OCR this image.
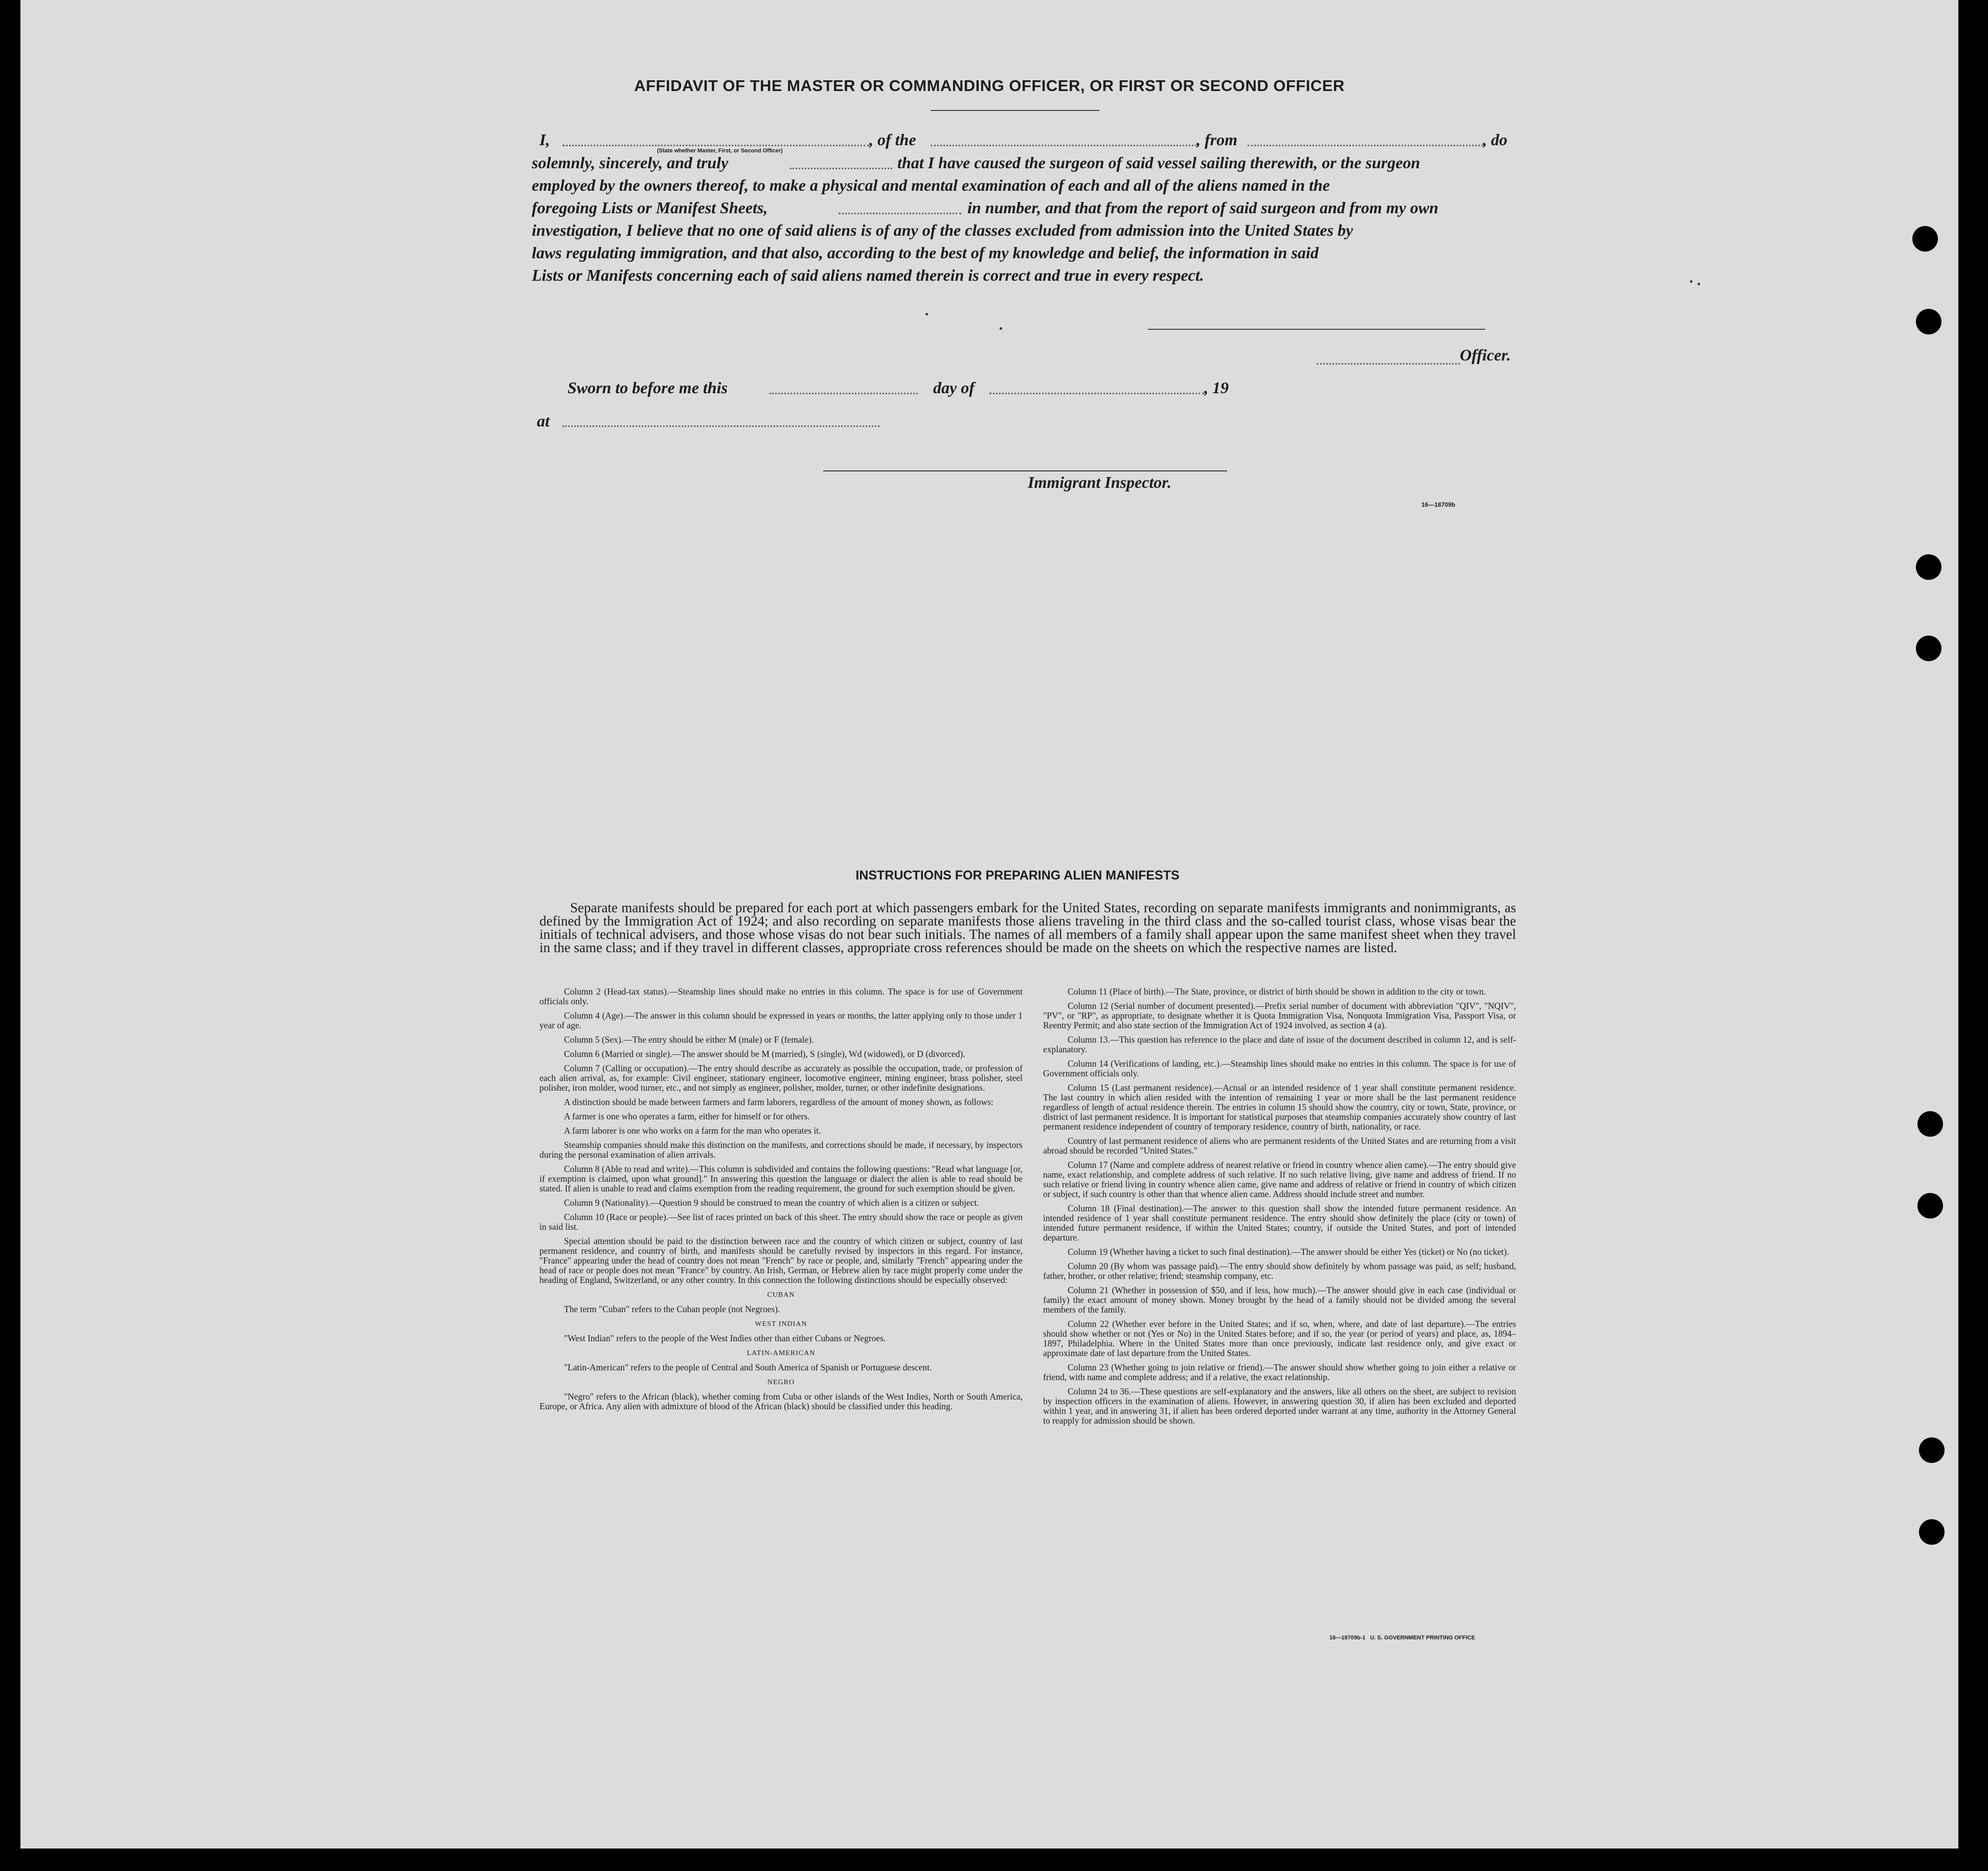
AFFIDAVIT OF THE MASTER OR COMMANDING OFFICER, OR FIRST OR SECOND OFFICER
I,
(State whether Master, First, or Second Officer)
, of the	, from	, do
solemnly, sincerely, and truly	that I have caused the surgeon of said vessel sailing therewith, or the surgeon
employed by the owners thereof, to make a physical and mental examination of each and all of the aliens named in the
foregoing Lists or Manifest Sheets,	in number, and that from the report of said surgeon and from my own
investigation, I believe that no one of said aliens is of any of the classes excluded from admission into the United States by
laws regulating immigration, and that also, according to the best of my knowledge and belief, the information in said
Lists or Manifests concerning each of said aliens named therein is correct and true in every respect.
Officer.
Sworn to before me this	day of	, 19
at
Immigrant Inspector.
16—18709b
INSTRUCTIONS FOR PREPARING ALIEN MANIFESTS
Separate manifests should be prepared for each port at which passengers embark for the United States, recording on separate manifests immigrants and nonimmigrants, as defined by the Immigration Act of 1924; and also recording on separate manifests those aliens traveling in the third class and the so-called tourist class, whose visas bear the initials of technical advisers, and those whose visas do not bear such initials. The names of all members of a family shall appear upon the same manifest sheet when they travel in the same class; and if they travel in different classes, appropriate cross references should be made on the sheets on which the respective names are listed.

Column 2 (Head-tax status).—Steamship lines should make no entries in this column. The space is for use of Government officials only.

Column 4 (Age).—The answer in this column should be expressed in years or months, the latter applying only to those under 1 year of age.

Column 5 (Sex).—The entry should be either M (male) or F (female).

Column 6 (Married or single).—The answer should be M (married), S (single), Wd (widowed), or D (divorced).

Column 7 (Calling or occupation).—The entry should describe as accurately as possible the occupation, trade, or profession of each alien arrival, as, for example: Civil engineer, stationary engineer, locomotive engineer, mining engineer, brass polisher, steel polisher, iron molder, wood turner, etc., and not simply as engineer, polisher, molder, turner, or other indefinite designations.

A distinction should be made between farmers and farm laborers, regardless of the amount of money shown, as follows:

A farmer is one who operates a farm, either for himself or for others.

A farm laborer is one who works on a farm for the man who operates it.

Steamship companies should make this distinction on the manifests, and corrections should be made, if necessary, by inspectors during the personal examination of alien arrivals.

Column 8 (Able to read and write).—This column is subdivided and contains the following questions: "Read what language [or, if exemption is claimed, upon what ground]." In answering this question the language or dialect the alien is able to read should be stated. If alien is unable to read and claims exemption from the reading requirement, the ground for such exemption should be given.

Column 9 (Nationality).—Question 9 should be construed to mean the country of which alien is a citizen or subject.

Column 10 (Race or people).—See list of races printed on back of this sheet. The entry should show the race or people as given in said list.

Special attention should be paid to the distinction between race and the country of which citizen or subject, country of last permanent residence, and country of birth, and manifests should be carefully revised by inspectors in this regard. For instance, "France" appearing under the head of country does not mean "French" by race or people, and, similarly "French" appearing under the head of race or people does not mean "France" by country. An Irish, German, or Hebrew alien by race might properly come under the heading of England, Switzerland, or any other country. In this connection the following distinctions should be especially observed:

CUBAN

The term "Cuban" refers to the Cuban people (not Negroes).

WEST INDIAN

"West Indian" refers to the people of the West Indies other than either Cubans or Negroes.

LATIN-AMERICAN

"Latin-American" refers to the people of Central and South America of Spanish or Portuguese descent.

NEGRO

"Negro" refers to the African (black), whether coming from Cuba or other islands of the West Indies, North or South America, Europe, or Africa. Any alien with admixture of blood of the African (black) should be classified under this heading.

Column 11 (Place of birth).—The State, province, or district of birth should be shown in addition to the city or town.

Column 12 (Serial number of document presented).—Prefix serial number of document with abbreviation "QIV", "NQIV", "PV", or "RP", as appropriate, to designate whether it is Quota Immigration Visa, Nonquota Immigration Visa, Passport Visa, or Reentry Permit; and also state section of the Immigration Act of 1924 involved, as section 4 (a).

Column 13.—This question has reference to the place and date of issue of the document described in column 12, and is self-explanatory.

Column 14 (Verifications of landing, etc.).—Steamship lines should make no entries in this column. The space is for use of Government officials only.

Column 15 (Last permanent residence).—Actual or an intended residence of 1 year shall constitute permanent residence. The last country in which alien resided with the intention of remaining 1 year or more shall be the last permanent residence regardless of length of actual residence therein. The entries in column 15 should show the country, city or town, State, province, or district of last permanent residence. It is important for statistical purposes that steamship companies accurately show country of last permanent residence independent of country of temporary residence, country of birth, nationality, or race.

Country of last permanent residence of aliens who are permanent residents of the United States and are returning from a visit abroad should be recorded "United States."

Column 17 (Name and complete address of nearest relative or friend in country whence alien came).—The entry should give name, exact relationship, and complete address of such relative. If no such relative living, give name and address of friend. If no such relative or friend living in country whence alien came, give name and address of relative or friend in country of which citizen or subject, if such country is other than that whence alien came. Address should include street and number.

Column 18 (Final destination).—The answer to this question shall show the intended future permanent residence. An intended residence of 1 year shall constitute permanent residence. The entry should show definitely the place (city or town) of intended future permanent residence, if within the United States; country, if outside the United States, and port of intended departure.

Column 19 (Whether having a ticket to such final destination).—The answer should be either Yes (ticket) or No (no ticket).

Column 20 (By whom was passage paid).—The entry should show definitely by whom passage was paid, as self; husband, father, brother, or other relative; friend; steamship company, etc.

Column 21 (Whether in possession of $50, and if less, how much).—The answer should give in each case (individual or family) the exact amount of money shown. Money brought by the head of a family should not be divided among the several members of the family.

Column 22 (Whether ever before in the United States; and if so, when, where, and date of last departure).—The entries should show whether or not (Yes or No) in the United States before; and if so, the year (or period of years) and place, as, 1894–1897, Philadelphia. Where in the United States more than once previously, indicate last residence only, and give exact or approximate date of last departure from the United States.

Column 23 (Whether going to join relative or friend).—The answer should show whether going to join either a relative or friend, with name and complete address; and if a relative, the exact relationship.

Column 24 to 36.—These questions are self-explanatory and the answers, like all others on the sheet, are subject to revision by inspection officers in the examination of aliens. However, in answering question 30, if alien has been excluded and deported within 1 year, and in answering 31, if alien has been ordered deported under warrant at any time, authority in the Attorney General to reapply for admission should be shown.

16—18709b-1   U. S. GOVERNMENT PRINTING OFFICE
